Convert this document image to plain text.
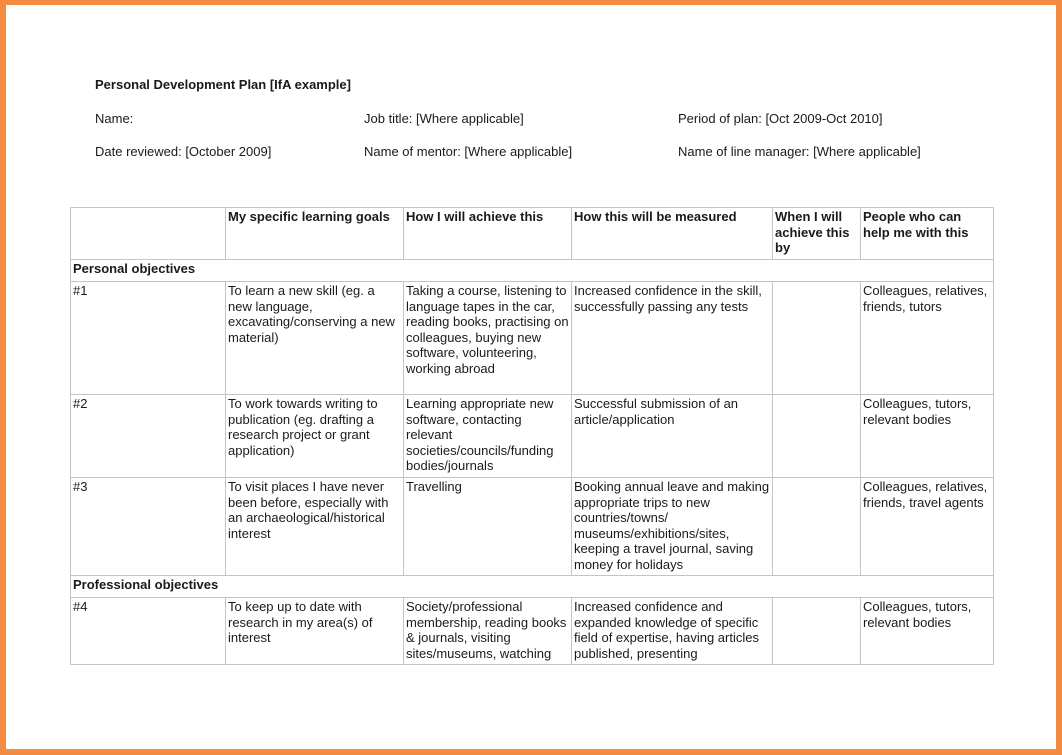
Personal Development Plan [IfA example]
Name:	Job title: [Where applicable]	Period of plan: [Oct 2009-Oct 2010]
Date reviewed: [October 2009]	Name of mentor: [Where applicable]	Name of line manager: [Where applicable]
	My specific learning goals	How I will achieve this	How this will be measured	When I will achieve this by	People who can help me with this
Personal objectives					
#1	To learn a new skill (eg. a new language, excavating/conserving a new material)	Taking a course, listening to language tapes in the car, reading books, practising on colleagues, buying new software, volunteering, working abroad	Increased confidence in the skill, successfully passing any tests		Colleagues, relatives, friends, tutors
#2	To work towards writing to publication (eg. drafting a research project or grant application)	Learning appropriate new software, contacting relevant societies/councils/funding bodies/journals	Successful submission of an article/application		Colleagues, tutors, relevant bodies
#3	To visit places I have never been before, especially with an archaeological/historical interest	Travelling	Booking annual leave and making appropriate trips to new countries/towns/ museums/exhibitions/sites, keeping a travel journal, saving money for holidays		Colleagues, relatives, friends, travel agents
Professional objectives					
#4	To keep up to date with research in my area(s) of interest	Society/professional membership, reading books & journals, visiting sites/museums, watching	Increased confidence and expanded knowledge of specific field of expertise, having articles published, presenting		Colleagues, tutors, relevant bodies
